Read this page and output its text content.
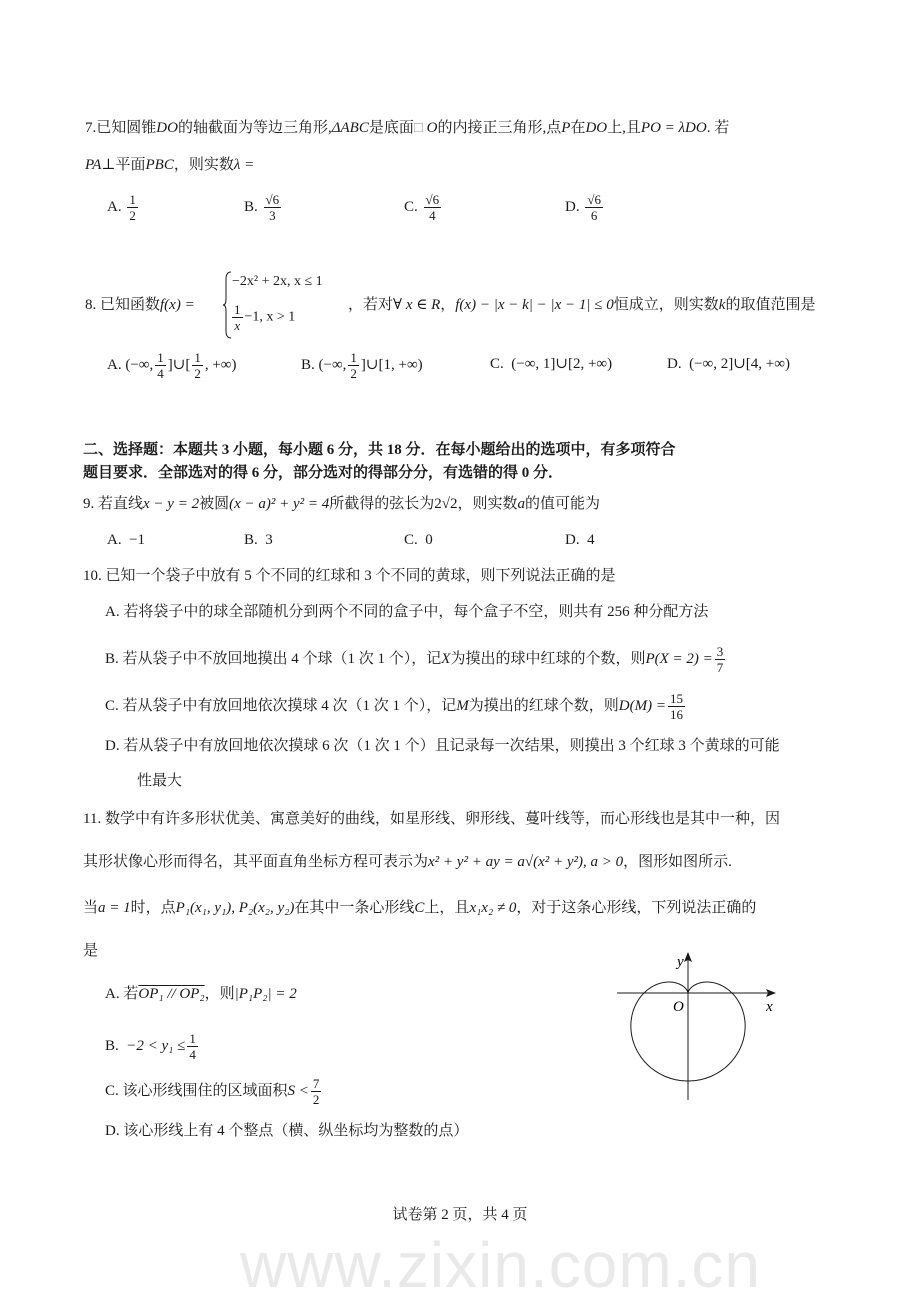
www.zixin.com.cn
7.已知圆锥DO的轴截面为等边三角形,ΔABC是底面□ O的内接正三角形,点P在DO上,且PO = λDO. 若
PA⊥平面PBC，则实数λ =
A. $\frac{1}{2}$	B. $\frac{√6}{3}$	C. $\frac{√6}{4}$	D. $\frac{√6}{6}$
−2x² + 2x, x ≤ 1
$\frac{1}{x} -1$, x > 1
8. 已知函数f(x) =	，若对∀ x ∈ R，f(x) − |x − k| − |x − 1| ≤ 0恒成立，则实数k的取值范围是
A. (−∞, $\frac{1}{4}$ ]∪[ $\frac{1}{2}$ , +∞)	B. (−∞, $\frac{1}{2}$ ]∪[1, +∞)	C. (−∞, 1]∪[2, +∞)	D. (−∞, 2]∪[4, +∞)
二、选择题：本题共 3 小题，每小题 6 分，共 18 分．在每小题给出的选项中，有多项符合
题目要求．全部选对的得 6 分，部分选对的得部分分，有选错的得 0 分．
9. 若直线x − y = 2被圆(x − a)² + y² = 4所截得的弦长为2√2，则实数a的值可能为
A. −1	B. 3	C. 0	D. 4
10. 已知一个袋子中放有 5 个不同的红球和 3 个不同的黄球，则下列说法正确的是
A. 若将袋子中的球全部随机分到两个不同的盒子中，每个盒子不空，则共有 256 种分配方法
B. 若从袋子中不放回地摸出 4 个球（1 次 1 个），记X为摸出的球中红球的个数，则$P(X = 2) = \frac{3}{7}$
C. 若从袋子中有放回地依次摸球 4 次（1 次 1 个），记M为摸出的红球个数，则$D(M) = \frac{15}{16}$
D. 若从袋子中有放回地依次摸球 6 次（1 次 1 个）且记录每一次结果，则摸出 3 个红球 3 个黄球的可能
性最大
11. 数学中有许多形状优美、寓意美好的曲线，如星形线、卵形线、蔓叶线等，而心形线也是其中一种，因
其形状像心形而得名，其平面直角坐标方程可表示为x² + y² + ay = a√(x² + y²), a > 0，图形如图所示.
当a = 1时，点P₁(x₁, y₁), P₂(x₂, y₂)在其中一条心形线C上，且x₁x₂ ≠ 0，对于这条心形线，下列说法正确的
是
A. 若OP₁ // OP₂，则|P₁P₂| = 2
B. $-2 < y_1 \le \frac{1}{4}$
C. 该心形线围住的区域面积$S < \frac{7}{2}$
D. 该心形线上有 4 个整点（横、纵坐标均为整数的点）
x
y
O
试卷第 2 页，共 4 页
